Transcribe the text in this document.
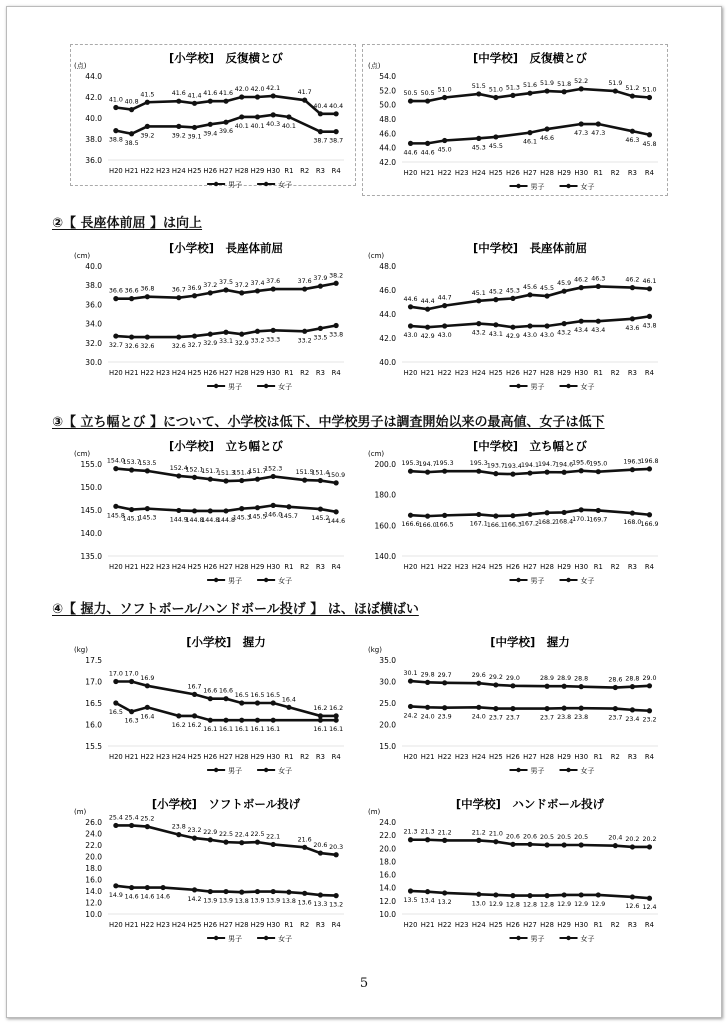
[小学校]　反復横とび
(点)
36.0
38.0
40.0
42.0
44.0
H20 H21 H22 H23 H24 H25 H26 H27 H28 H29 H30 R1 R2 R3 R4
41.0 40.8
41.5	41.6 41.4 41.6 41.6
42.0 42.0 42.1
41.7
40.4 40.4
38.8 38.5
39.2	39.2 39.1 39.4 39.6
40.1 40.1 40.3 40.1
38.7 38.7
男子	女子
[中学校]　反復横とび
(点)
42.0
44.0
46.0
48.0
50.0
52.0
54.0
H20 H21 H22 H23 H24 H25 H26 H27 H28 H29 H30 R1 R2 R3 R4
50.5 50.5
51.0
51.5
51.0 51.3 51.6 51.9 51.8 52.2	51.9
51.2 51.0
44.6 44.6 45.0	45.3 45.5
46.1
46.6
47.3 47.3
46.3
45.8
男子	女子
②【 長座体前屈 】は向上
[小学校]　長座体前屈
(cm)
30.0
32.0
34.0
36.0
38.0
40.0
H20 H21 H22 H23 H24 H25 H26 H27 H28 H29 H30 R1 R2 R3 R4
36.6 36.6 36.8	36.7 36.9 37.2 37.5 37.2 37.4 37.6	37.6 37.9 38.2
32.7 32.6 32.6	32.6 32.7 32.9 33.1 32.9 33.2 33.3	33.2 33.5 33.8
男子	女子
[中学校]　長座体前屈
(cm)
40.0
42.0
44.0
46.0
48.0
H20 H21 H22 H23 H24 H25 H26 H27 H28 H29 H30 R1 R2 R3 R4
44.6 44.4
44.7
45.1 45.2 45.3
45.6 45.5
45.9
46.2 46.3	46.2 46.1
43.0 42.9 43.0	43.2 43.1 42.9 43.0 43.0 43.2 43.4 43.4	43.6 43.8
男子	女子
③【 立ち幅とび 】について、小学校は低下、中学校男子は調査開始以来の最高値、女子は低下
[小学校]　立ち幅とび
(cm)
135.0
140.0
145.0
150.0
155.0
H20 H21 H22 H23 H24 H25 H26 H27 H28 H29 H30 R1 R2 R3 R4
154.0
153.7
153.5
152.4
152.1
151.7
151.3
151.4
151.7
152.3
151.5
151.4
150.9
145.8
145.1
145.3 144.9
144.8
144.8
144.8
145.3
145.5
146.0
145.7 145.2
144.6
男子	女子
[中学校]　立ち幅とび
(cm)
140.0
160.0
180.0
200.0
H20 H21 H22 H23 H24 H25 H26 H27 H28 H29 H30 R1 R2 R3 R4
195.3 194.7 195.3	195.3 193.7 193.4 194.1 194.7 194.6 195.6 195.0	196.3 196.8
166.6 166.0 166.5	167.1 166.1 166.3 167.2 168.2 168.4 170.1 169.7	168.0 166.9
男子	女子
④【 握力、ソフトボール/ハンドボール投げ 】 は、ほぼ横ばい
[小学校]　握力
(kg)
15.5
16.0
16.5
17.0
17.5
H20 H21 H22 H23 H24 H25 H26 H27 H28 H29 H30 R1 R2 R3 R4
17.0 17.0
16.9
16.7
16.6 16.6
16.5 16.5 16.5
16.4
16.2 16.2
16.5
16.3
16.4
16.2 16.2
16.1 16.1 16.1 16.1 16.1	16.1 16.1
男子	女子
[中学校]　握力
(kg)
15.0
20.0
25.0
30.0
35.0
H20 H21 H22 H23 H24 H25 H26 H27 H28 H29 H30 R1 R2 R3 R4
30.1 29.8 29.7	29.6 29.2 29.0	28.9 28.9 28.8	28.6 28.8 29.0
24.2 24.0 23.9	24.0 23.7 23.7	23.7 23.8 23.8	23.7 23.4 23.2
男子	女子
[小学校]　ソフトボール投げ
(m)
10.0
12.0
14.0
16.0
18.0
20.0
22.0
24.0
26.0
H20 H21 H22 H23 H24 H25 H26 H27 H28 H29 H30 R1 R2 R3 R4
25.4 25.4 25.2
23.8 23.2 22.9 22.5 22.4 22.5 22.1	21.6
20.6 20.3
14.9 14.6 14.6 14.6	14.2 13.9 13.9 13.8 13.9 13.9 13.8 13.6 13.3 13.2
男子	女子
[中学校]　ハンドボール投げ
(m)
10.0
12.0
14.0
16.0
18.0
20.0
22.0
24.0
H20 H21 H22 H23 H24 H25 H26 H27 H28 H29 H30 R1 R2 R3 R4
21.3 21.3 21.2	21.2 21.0 20.6 20.6 20.5 20.5 20.5	20.4 20.2 20.2
13.5 13.4 13.2	13.0 12.9 12.8 12.8 12.8 12.9 12.9 12.9	12.6 12.4
男子	女子
5
